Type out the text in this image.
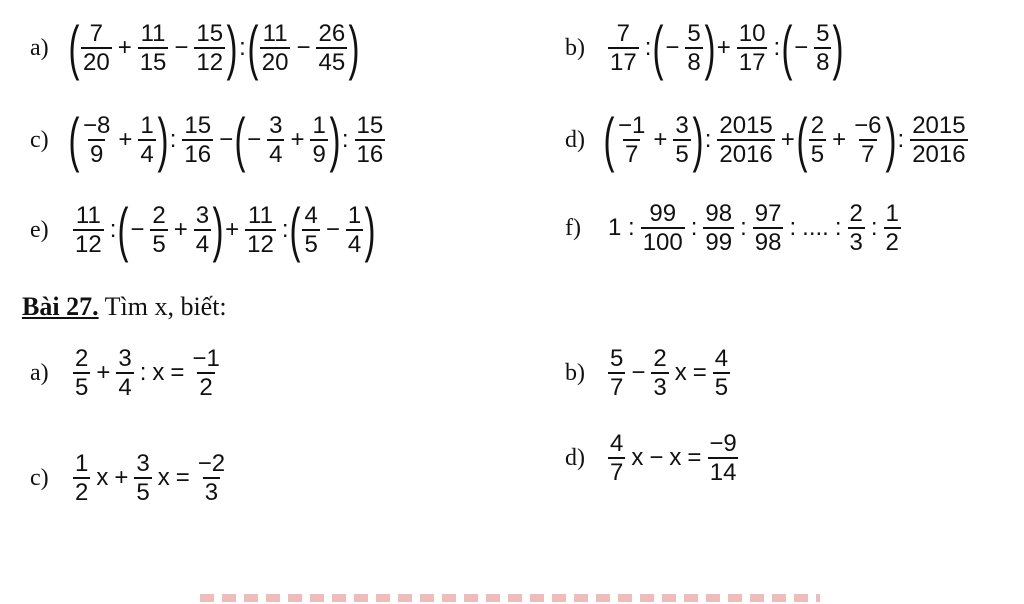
a) ( $\frac{7}{20} + \frac{11}{15} - \frac{15}{12}$ ) : ( $\frac{11}{20} - \frac{26}{45}$ )	$b) \frac{7}{17}$ : ( − $\frac{5}{8}$ ) + $\frac{10}{17}$ : ( − $\frac{5}{8}$ )
c) ( $\frac{-8}{9} + \frac{1}{4}$ ) : $\frac{15}{16}$ − ( − $\frac{3}{4} + \frac{1}{9}$ ) : $\frac{15}{16}$	d) ( $\frac{-1}{7} + \frac{3}{5}$ ) : $\frac{2015}{2016}$ + ( $\frac{2}{5} + \frac{-6}{7}$ ) : $\frac{2015}{2016}$
e)	$\frac{11}{12}$ : ( − $\frac{2}{5} + \frac{3}{4}$ ) + $\frac{11}{12}$ : ( $\frac{4}{5} - \frac{1}{4}$ )	f)	1 : $\frac{99}{100}$ : $\frac{98}{99}$ : $\frac{97}{98}$ : .... : $\frac{2}{3}$ : $\frac{1}{2}$
Bài 27. Tìm x, biết:
a)	$\frac{2}{5} + \frac{3}{4}$ : $x = \frac{-1}{2}$	$b) \frac{5}{7} - \frac{2}{3}$ $x = \frac{4}{5}$
c)	$\frac{1}{2}$ $x + \frac{3}{5}$ $x = \frac{-2}{3}$	$d) \frac{4}{7}$ $x - x = \frac{-9}{14}$
